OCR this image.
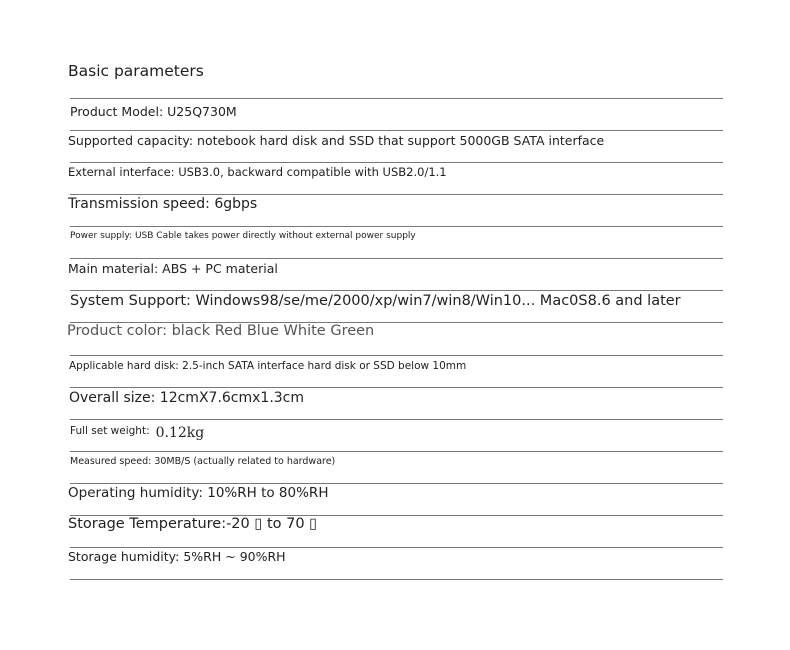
Basic parameters
Product Model: U25Q730M
Supported capacity: notebook hard disk and SSD that support 5000GB SATA interface
External interface: USB3.0, backward compatible with USB2.0/1.1
Transmission speed: 6gbps
Power supply: USB Cable takes power directly without external power supply
Main material: ABS + PC material
System Support: Windows98/se/me/2000/xp/win7/win8/Win10... Mac0S8.6 and later
Product color: black Red Blue White Green
Applicable hard disk: 2.5-inch SATA interface hard disk or SSD below 10mm
Overall size: 12cmX7.6cmx1.3cm
Full set weight: 0.12kg
Measured speed: 30MB/S (actually related to hardware)
Operating humidity: 10%RH to 80%RH
Storage Temperature:-20 ▯ to 70 ▯
Storage humidity: 5%RH ~ 90%RH
